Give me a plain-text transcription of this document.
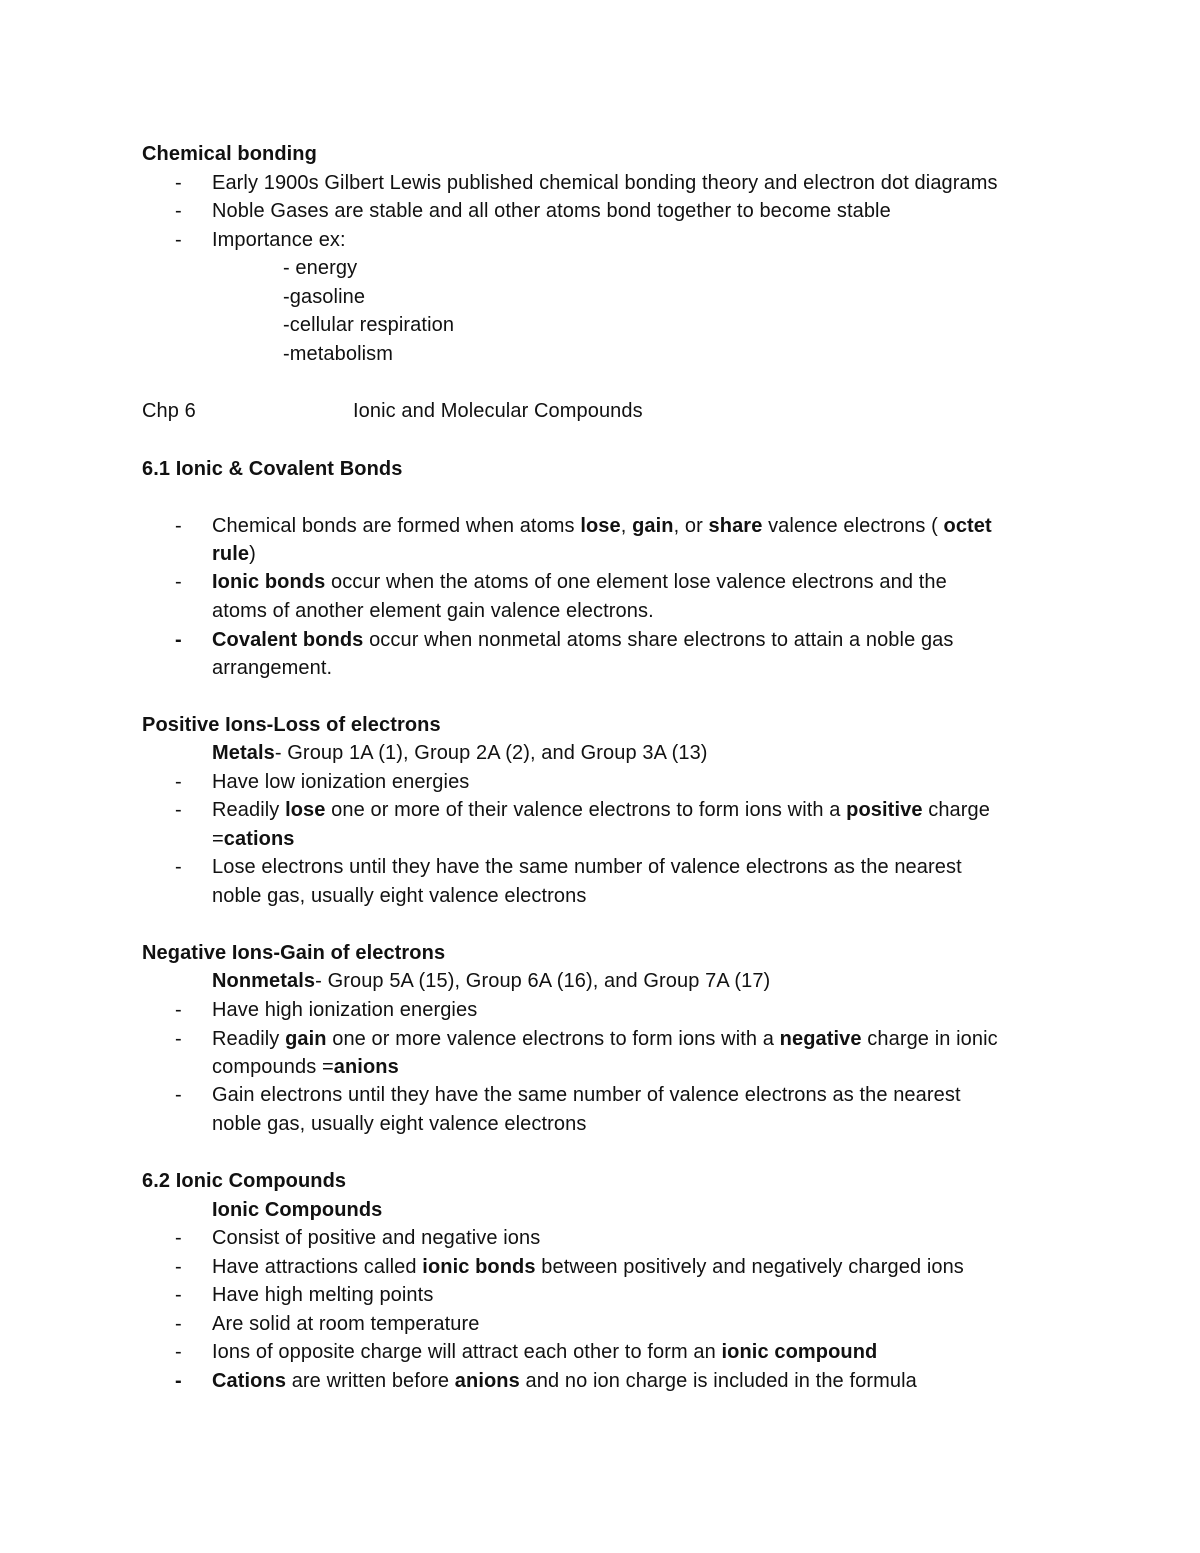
Chemical bonding
-	Early 1900s Gilbert Lewis published chemical bonding theory and electron dot diagrams
-	Noble Gases are stable and all other atoms bond together to become stable
-	Importance ex:
- energy
-gasoline
-cellular respiration
-metabolism
Chp 6	Ionic and Molecular Compounds
6.1 Ionic & Covalent Bonds
-	Chemical bonds are formed when atoms lose, gain, or share valence electrons ( octet
rule)
-	Ionic bonds occur when the atoms of one element lose valence electrons and the
atoms of another element gain valence electrons.
-	Covalent bonds occur when nonmetal atoms share electrons to attain a noble gas
arrangement.
Positive Ions-Loss of electrons
Metals- Group 1A (1), Group 2A (2), and Group 3A (13)
-	Have low ionization energies
-	Readily lose one or more of their valence electrons to form ions with a positive charge
=cations
-	Lose electrons until they have the same number of valence electrons as the nearest
noble gas, usually eight valence electrons
Negative Ions-Gain of electrons
Nonmetals- Group 5A (15), Group 6A (16), and Group 7A (17)
-	Have high ionization energies
-	Readily gain one or more valence electrons to form ions with a negative charge in ionic
compounds =anions
-	Gain electrons until they have the same number of valence electrons as the nearest
noble gas, usually eight valence electrons
6.2 Ionic Compounds
Ionic Compounds
-	Consist of positive and negative ions
-	Have attractions called ionic bonds between positively and negatively charged ions
-	Have high melting points
-	Are solid at room temperature
-	Ions of opposite charge will attract each other to form an ionic compound
-	Cations are written before anions and no ion charge is included in the formula
